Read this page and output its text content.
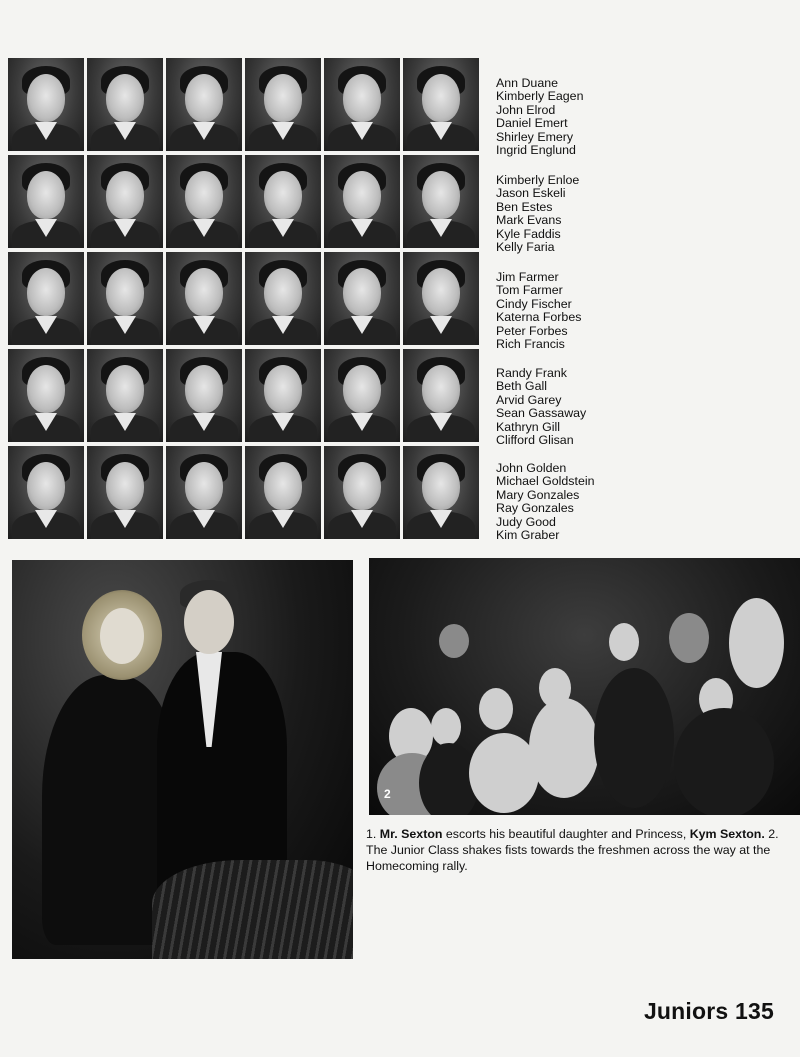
Ann Duane
Kimberly Eagen
John Elrod
Daniel Emert
Shirley Emery
Ingrid Englund
Kimberly Enloe
Jason Eskeli
Ben Estes
Mark Evans
Kyle Faddis
Kelly Faria
Jim Farmer
Tom Farmer
Cindy Fischer
Katerna Forbes
Peter Forbes
Rich Francis
Randy Frank
Beth Gall
Arvid Garey
Sean Gassaway
Kathryn Gill
Clifford Glisan
John Golden
Michael Goldstein
Mary Gonzales
Ray Gonzales
Judy Good
Kim Graber
2
1. Mr. Sexton escorts his beautiful daughter and Princess, Kym Sexton. 2. The Junior Class shakes fists towards the freshmen across the way at the Homecoming rally.
Juniors 135
